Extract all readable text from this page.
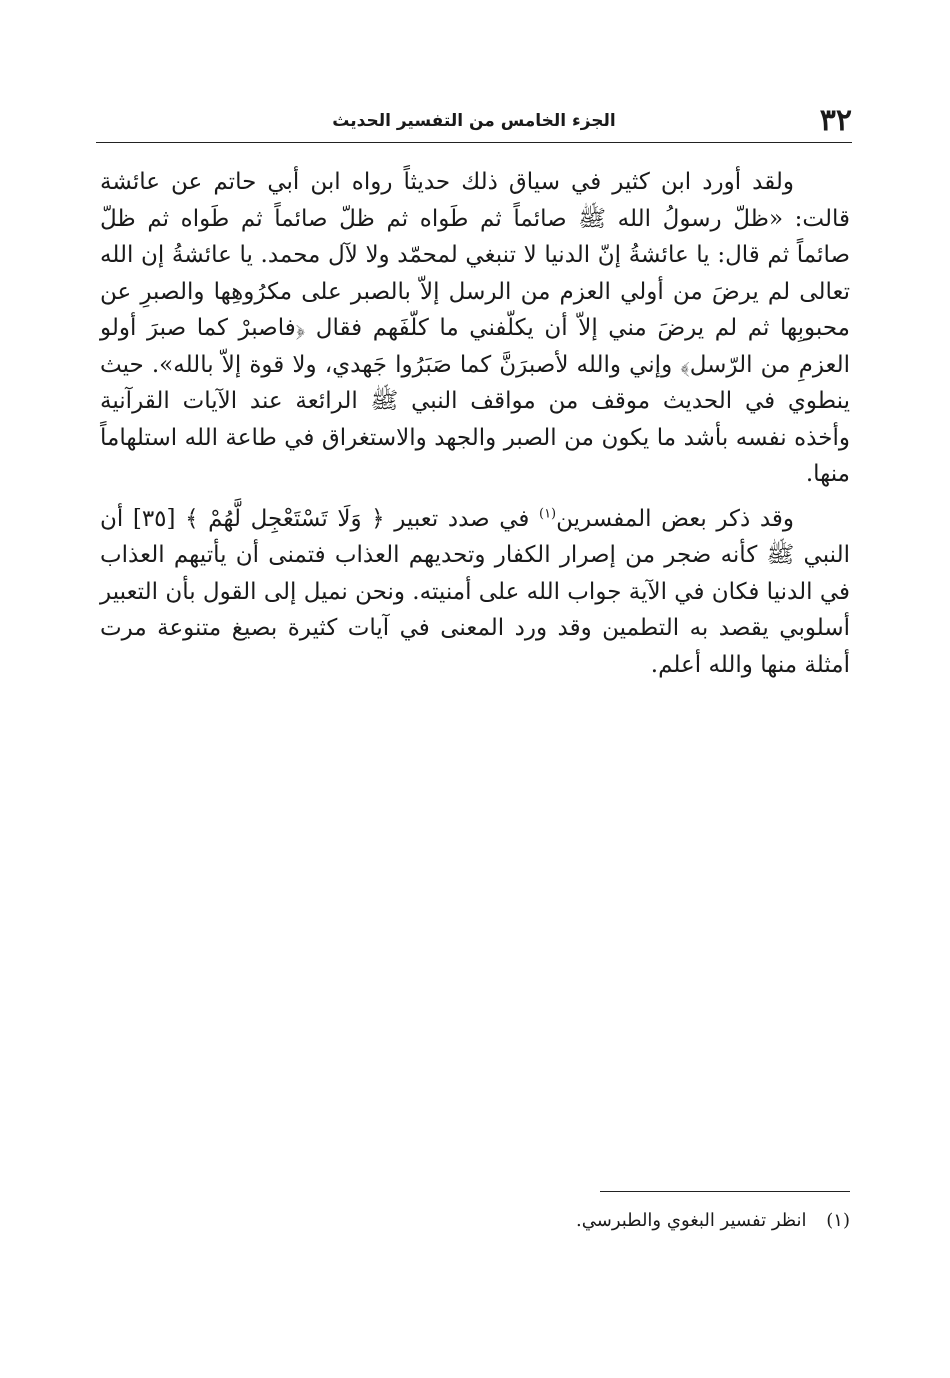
٣٢
الجزء الخامس من التفسير الحديث

ولقد أورد ابن كثير في سياق ذلك حديثاً رواه ابن أبي حاتم عن عائشة قالت: «ظلّ رسولُ الله ﷺ صائماً ثم طَواه ثم ظلّ صائماً ثم طَواه ثم ظلّ صائماً ثم قال: يا عائشةُ إنّ الدنيا لا تنبغي لمحمّد ولا لآل محمد. يا عائشةُ إن الله تعالى لم يرضَ من أولي العزم من الرسل إلاّ بالصبر على مكرُوهِها والصبرِ عن محبوبِها ثم لم يرضَ مني إلاّ أن يكلّفني ما كلّفَهم فقال ﴿فاصبرْ كما صبرَ أولو العزمِ من الرّسل﴾ وإني والله لأصبرَنَّ كما صَبَرُوا جَهدي، ولا قوة إلاّ بالله». حيث ينطوي في الحديث موقف من مواقف النبي ﷺ الرائعة عند الآيات القرآنية وأخذه نفسه بأشد ما يكون من الصبر والجهد والاستغراق في طاعة الله استلهاماً منها.

وقد ذكر بعض المفسرين$^{(١)}$ في صدد تعبير ﴿ وَلَا تَسْتَعْجِل لَّهُمْ ﴾ [٣٥] أن النبي ﷺ كأنه ضجر من إصرار الكفار وتحديهم العذاب فتمنى أن يأتيهم العذاب في الدنيا فكان في الآية جواب الله على أمنيته. ونحن نميل إلى القول بأن التعبير أسلوبي يقصد به التطمين وقد ورد المعنى في آيات كثيرة بصيغ متنوعة مرت أمثلة منها والله أعلم.

(١) انظر تفسير البغوي والطبرسي.
